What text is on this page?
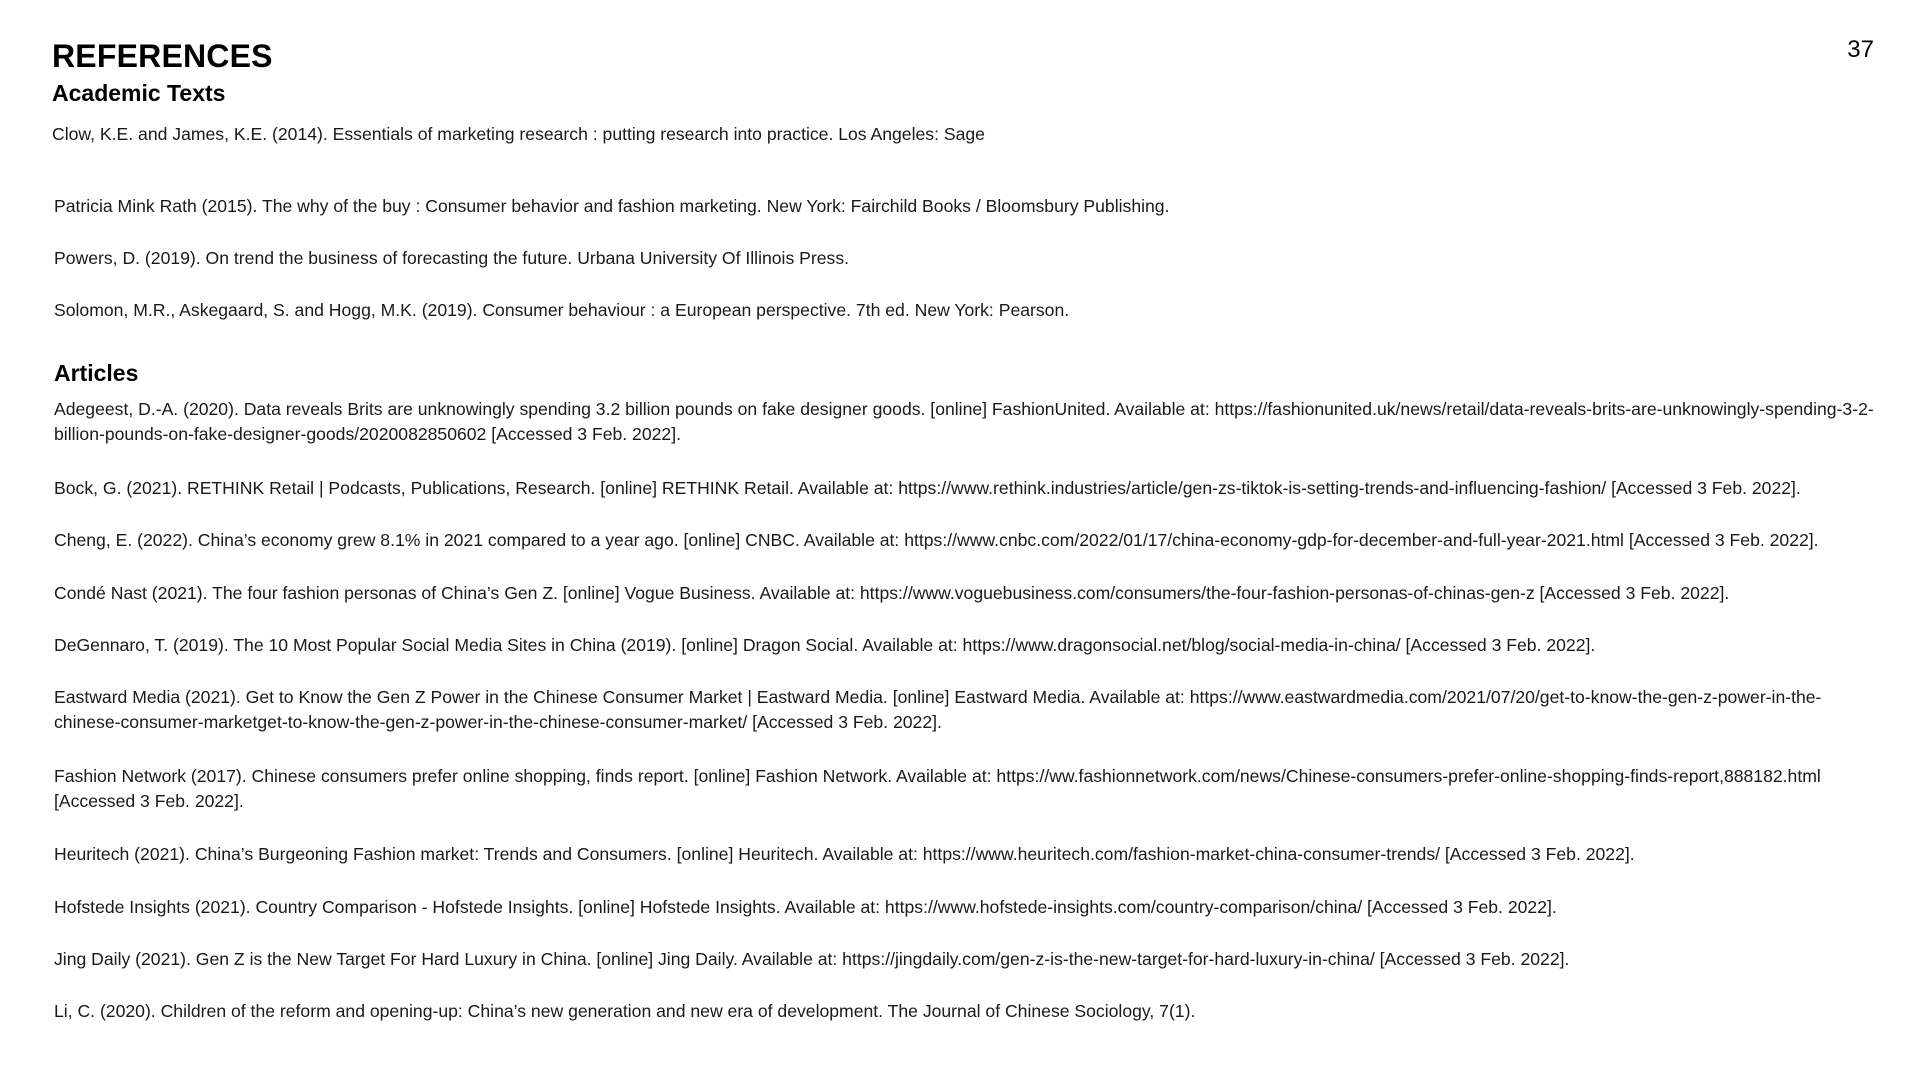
37
REFERENCES
Academic Texts

Clow, K.E. and James, K.E. (2014). Essentials of marketing research : putting research into practice. Los Angeles: Sage

Patricia Mink Rath (2015). The why of the buy : Consumer behavior and fashion marketing. New York: Fairchild Books / Bloomsbury Publishing.

Powers, D. (2019). On trend the business of forecasting the future. Urbana University Of Illinois Press.

Solomon, M.R., Askegaard, S. and Hogg, M.K. (2019). Consumer behaviour : a European perspective. 7th ed. New York: Pearson.

Articles

Adegeest, D.-A. (2020). Data reveals Brits are unknowingly spending 3.2 billion pounds on fake designer goods. [online] FashionUnited. Available at: https://fashionunited.uk/news/retail/data-reveals-brits-are-unknowingly-spending-3-2-billion-pounds-on-fake-designer-goods/2020082850602 [Accessed 3 Feb. 2022].

Bock, G. (2021). RETHINK Retail | Podcasts, Publications, Research. [online] RETHINK Retail. Available at: https://www.rethink.industries/article/gen-zs-tiktok-is-setting-trends-and-influencing-fashion/ [Accessed 3 Feb. 2022].

Cheng, E. (2022). China’s economy grew 8.1% in 2021 compared to a year ago. [online] CNBC. Available at: https://www.cnbc.com/2022/01/17/china-economy-gdp-for-december-and-full-year-2021.html [Accessed 3 Feb. 2022].

Condé Nast (2021). The four fashion personas of China’s Gen Z. [online] Vogue Business. Available at: https://www.voguebusiness.com/consumers/the-four-fashion-personas-of-chinas-gen-z [Accessed 3 Feb. 2022].

DeGennaro, T. (2019). The 10 Most Popular Social Media Sites in China (2019). [online] Dragon Social. Available at: https://www.dragonsocial.net/blog/social-media-in-china/ [Accessed 3 Feb. 2022].

Eastward Media (2021). Get to Know the Gen Z Power in the Chinese Consumer Market | Eastward Media. [online] Eastward Media. Available at: https://www.eastwardmedia.com/2021/07/20/get-to-know-the-gen-z-power-in-the-chinese-consumer-marketget-to-know-the-gen-z-power-in-the-chinese-consumer-market/ [Accessed 3 Feb. 2022].

Fashion Network (2017). Chinese consumers prefer online shopping, finds report. [online] Fashion Network. Available at: https://ww.fashionnetwork.com/news/Chinese-consumers-prefer-online-shopping-finds-report,888182.html [Accessed 3 Feb. 2022].

Heuritech (2021). China’s Burgeoning Fashion market: Trends and Consumers. [online] Heuritech. Available at: https://www.heuritech.com/fashion-market-china-consumer-trends/ [Accessed 3 Feb. 2022].

Hofstede Insights (2021). Country Comparison - Hofstede Insights. [online] Hofstede Insights. Available at: https://www.hofstede-insights.com/country-comparison/china/ [Accessed 3 Feb. 2022].

Jing Daily (2021). Gen Z is the New Target For Hard Luxury in China. [online] Jing Daily. Available at: https://jingdaily.com/gen-z-is-the-new-target-for-hard-luxury-in-china/ [Accessed 3 Feb. 2022].

Li, C. (2020). Children of the reform and opening-up: China’s new generation and new era of development. The Journal of Chinese Sociology, 7(1).
